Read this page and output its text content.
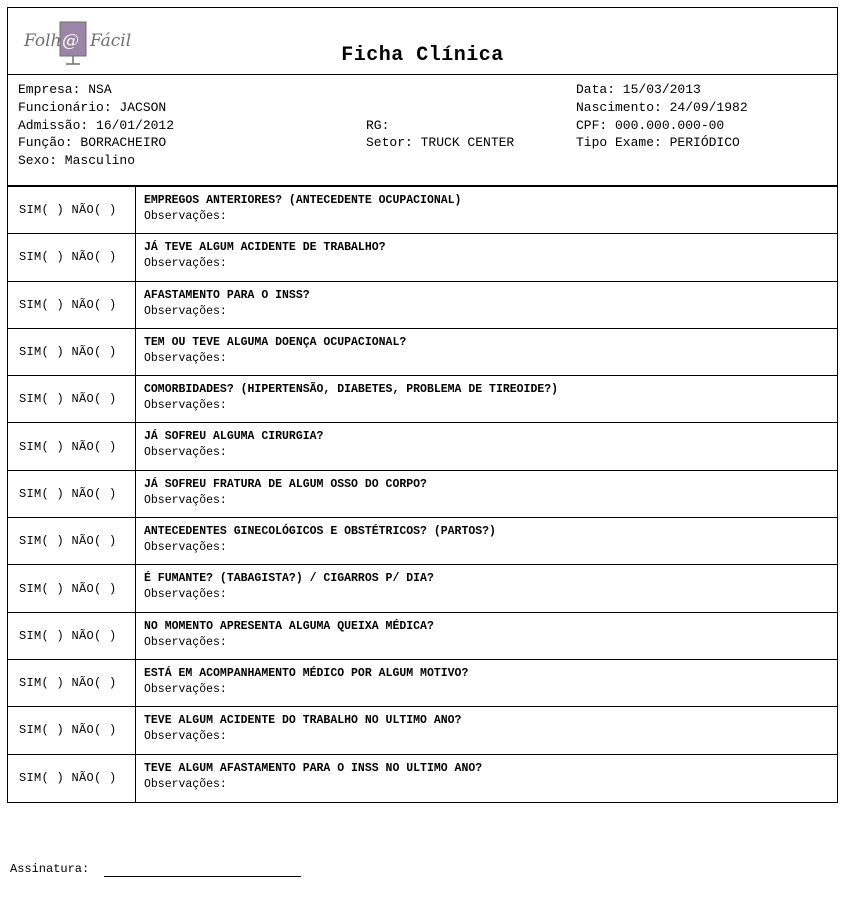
Folh @ Fácil
Ficha Clínica
Empresa: NSA
Funcionário: JACSON
Admissão: 16/01/2012
Função: BORRACHEIRO
Sexo: Masculino
RG:
Setor: TRUCK CENTER
Data: 15/03/2013
Nascimento: 24/09/1982
CPF: 000.000.000-00
Tipo Exame: PERIÓDICO
SIM( ) NÃO( )	EMPREGOS ANTERIORES? (ANTECEDENTE OCUPACIONAL)
Observações:

SIM( ) NÃO( )	JÁ TEVE ALGUM ACIDENTE DE TRABALHO?
Observações:

SIM( ) NÃO( )	AFASTAMENTO PARA O INSS?
Observações:

SIM( ) NÃO( )	TEM OU TEVE ALGUMA DOENÇA OCUPACIONAL?
Observações:

SIM( ) NÃO( )	COMORBIDADES? (HIPERTENSÃO, DIABETES, PROBLEMA DE TIREOIDE?)
Observações:

SIM( ) NÃO( )	JÁ SOFREU ALGUMA CIRURGIA?
Observações:

SIM( ) NÃO( )	JÁ SOFREU FRATURA DE ALGUM OSSO DO CORPO?
Observações:

SIM( ) NÃO( )	ANTECEDENTES GINECOLÓGICOS E OBSTÉTRICOS? (PARTOS?)
Observações:

SIM( ) NÃO( )	É FUMANTE? (TABAGISTA?) / CIGARROS P/ DIA?
Observações:

SIM( ) NÃO( )	NO MOMENTO APRESENTA ALGUMA QUEIXA MÉDICA?
Observações:

SIM( ) NÃO( )	ESTÁ EM ACOMPANHAMENTO MÉDICO POR ALGUM MOTIVO?
Observações:

SIM( ) NÃO( )	TEVE ALGUM ACIDENTE DO TRABALHO NO ULTIMO ANO?
Observações:

SIM( ) NÃO( )	TEVE ALGUM AFASTAMENTO PARA O INSS NO ULTIMO ANO?
Observações:
Assinatura:
